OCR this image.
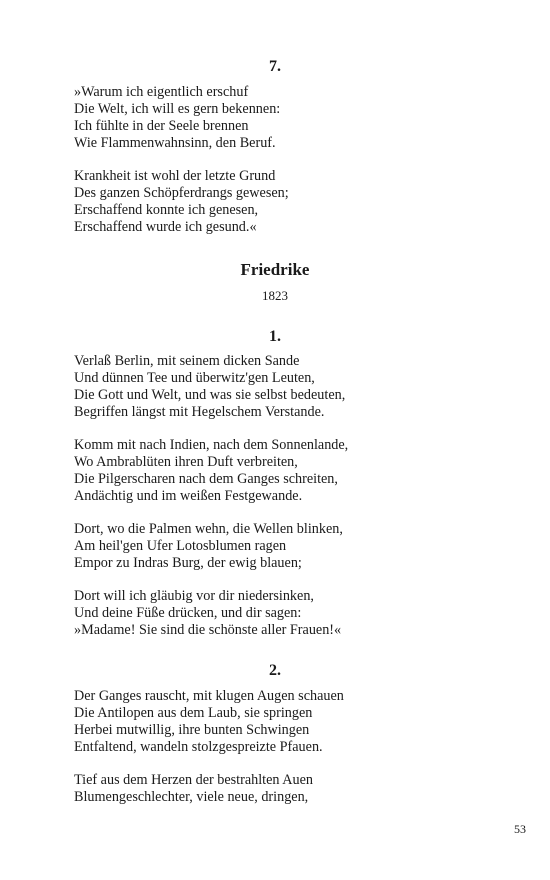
7.
»Warum ich eigentlich erschuf
Die Welt, ich will es gern bekennen:
Ich fühlte in der Seele brennen
Wie Flammenwahnsinn, den Beruf.
Krankheit ist wohl der letzte Grund
Des ganzen Schöpferdrangs gewesen;
Erschaffend konnte ich genesen,
Erschaffend wurde ich gesund.«
Friedrike
1823
1.
Verlaß Berlin, mit seinem dicken Sande
Und dünnen Tee und überwitz'gen Leuten,
Die Gott und Welt, und was sie selbst bedeuten,
Begriffen längst mit Hegelschem Verstande.
Komm mit nach Indien, nach dem Sonnenlande,
Wo Ambrablüten ihren Duft verbreiten,
Die Pilgerscharen nach dem Ganges schreiten,
Andächtig und im weißen Festgewande.
Dort, wo die Palmen wehn, die Wellen blinken,
Am heil'gen Ufer Lotosblumen ragen
Empor zu Indras Burg, der ewig blauen;
Dort will ich gläubig vor dir niedersinken,
Und deine Füße drücken, und dir sagen:
»Madame! Sie sind die schönste aller Frauen!«
2.
Der Ganges rauscht, mit klugen Augen schauen
Die Antilopen aus dem Laub, sie springen
Herbei mutwillig, ihre bunten Schwingen
Entfaltend, wandeln stolzgespreizte Pfauen.
Tief aus dem Herzen der bestrahlten Auen
Blumengeschlechter, viele neue, dringen,
53
